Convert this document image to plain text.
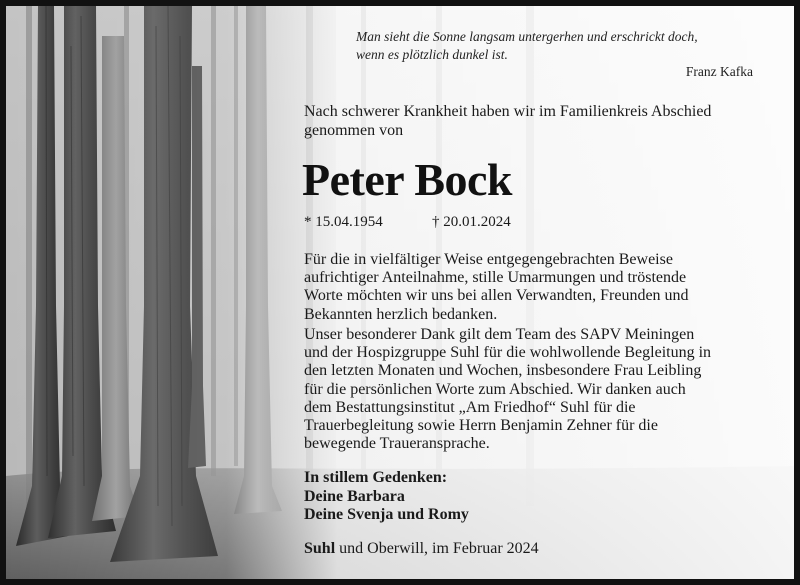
Man sieht die Sonne langsam untergerhen und erschrickt doch,
wenn es plötzlich dunkel ist.
Franz Kafka
Nach schwerer Krankheit haben wir im Familienkreis Abschied
genommen von
Peter Bock
* 15.04.1954	† 20.01.2024
Für die in vielfältiger Weise entgegengebrachten Beweise
aufrichtiger Anteilnahme, stille Umarmungen und tröstende
Worte möchten wir uns bei allen Verwandten, Freunden und
Bekannten herzlich bedanken.
Unser besonderer Dank gilt dem Team des SAPV Meiningen
und der Hospizgruppe Suhl für die wohlwollende Begleitung in
den letzten Monaten und Wochen, insbesondere Frau Leibling
für die persönlichen Worte zum Abschied. Wir danken auch
dem Bestattungsinstitut „Am Friedhof“ Suhl für die
Trauerbegleitung sowie Herrn Benjamin Zehner für die
bewegende Traueransprache.
In stillem Gedenken:
Deine Barbara
Deine Svenja und Romy
Suhl und Oberwill, im Februar 2024
